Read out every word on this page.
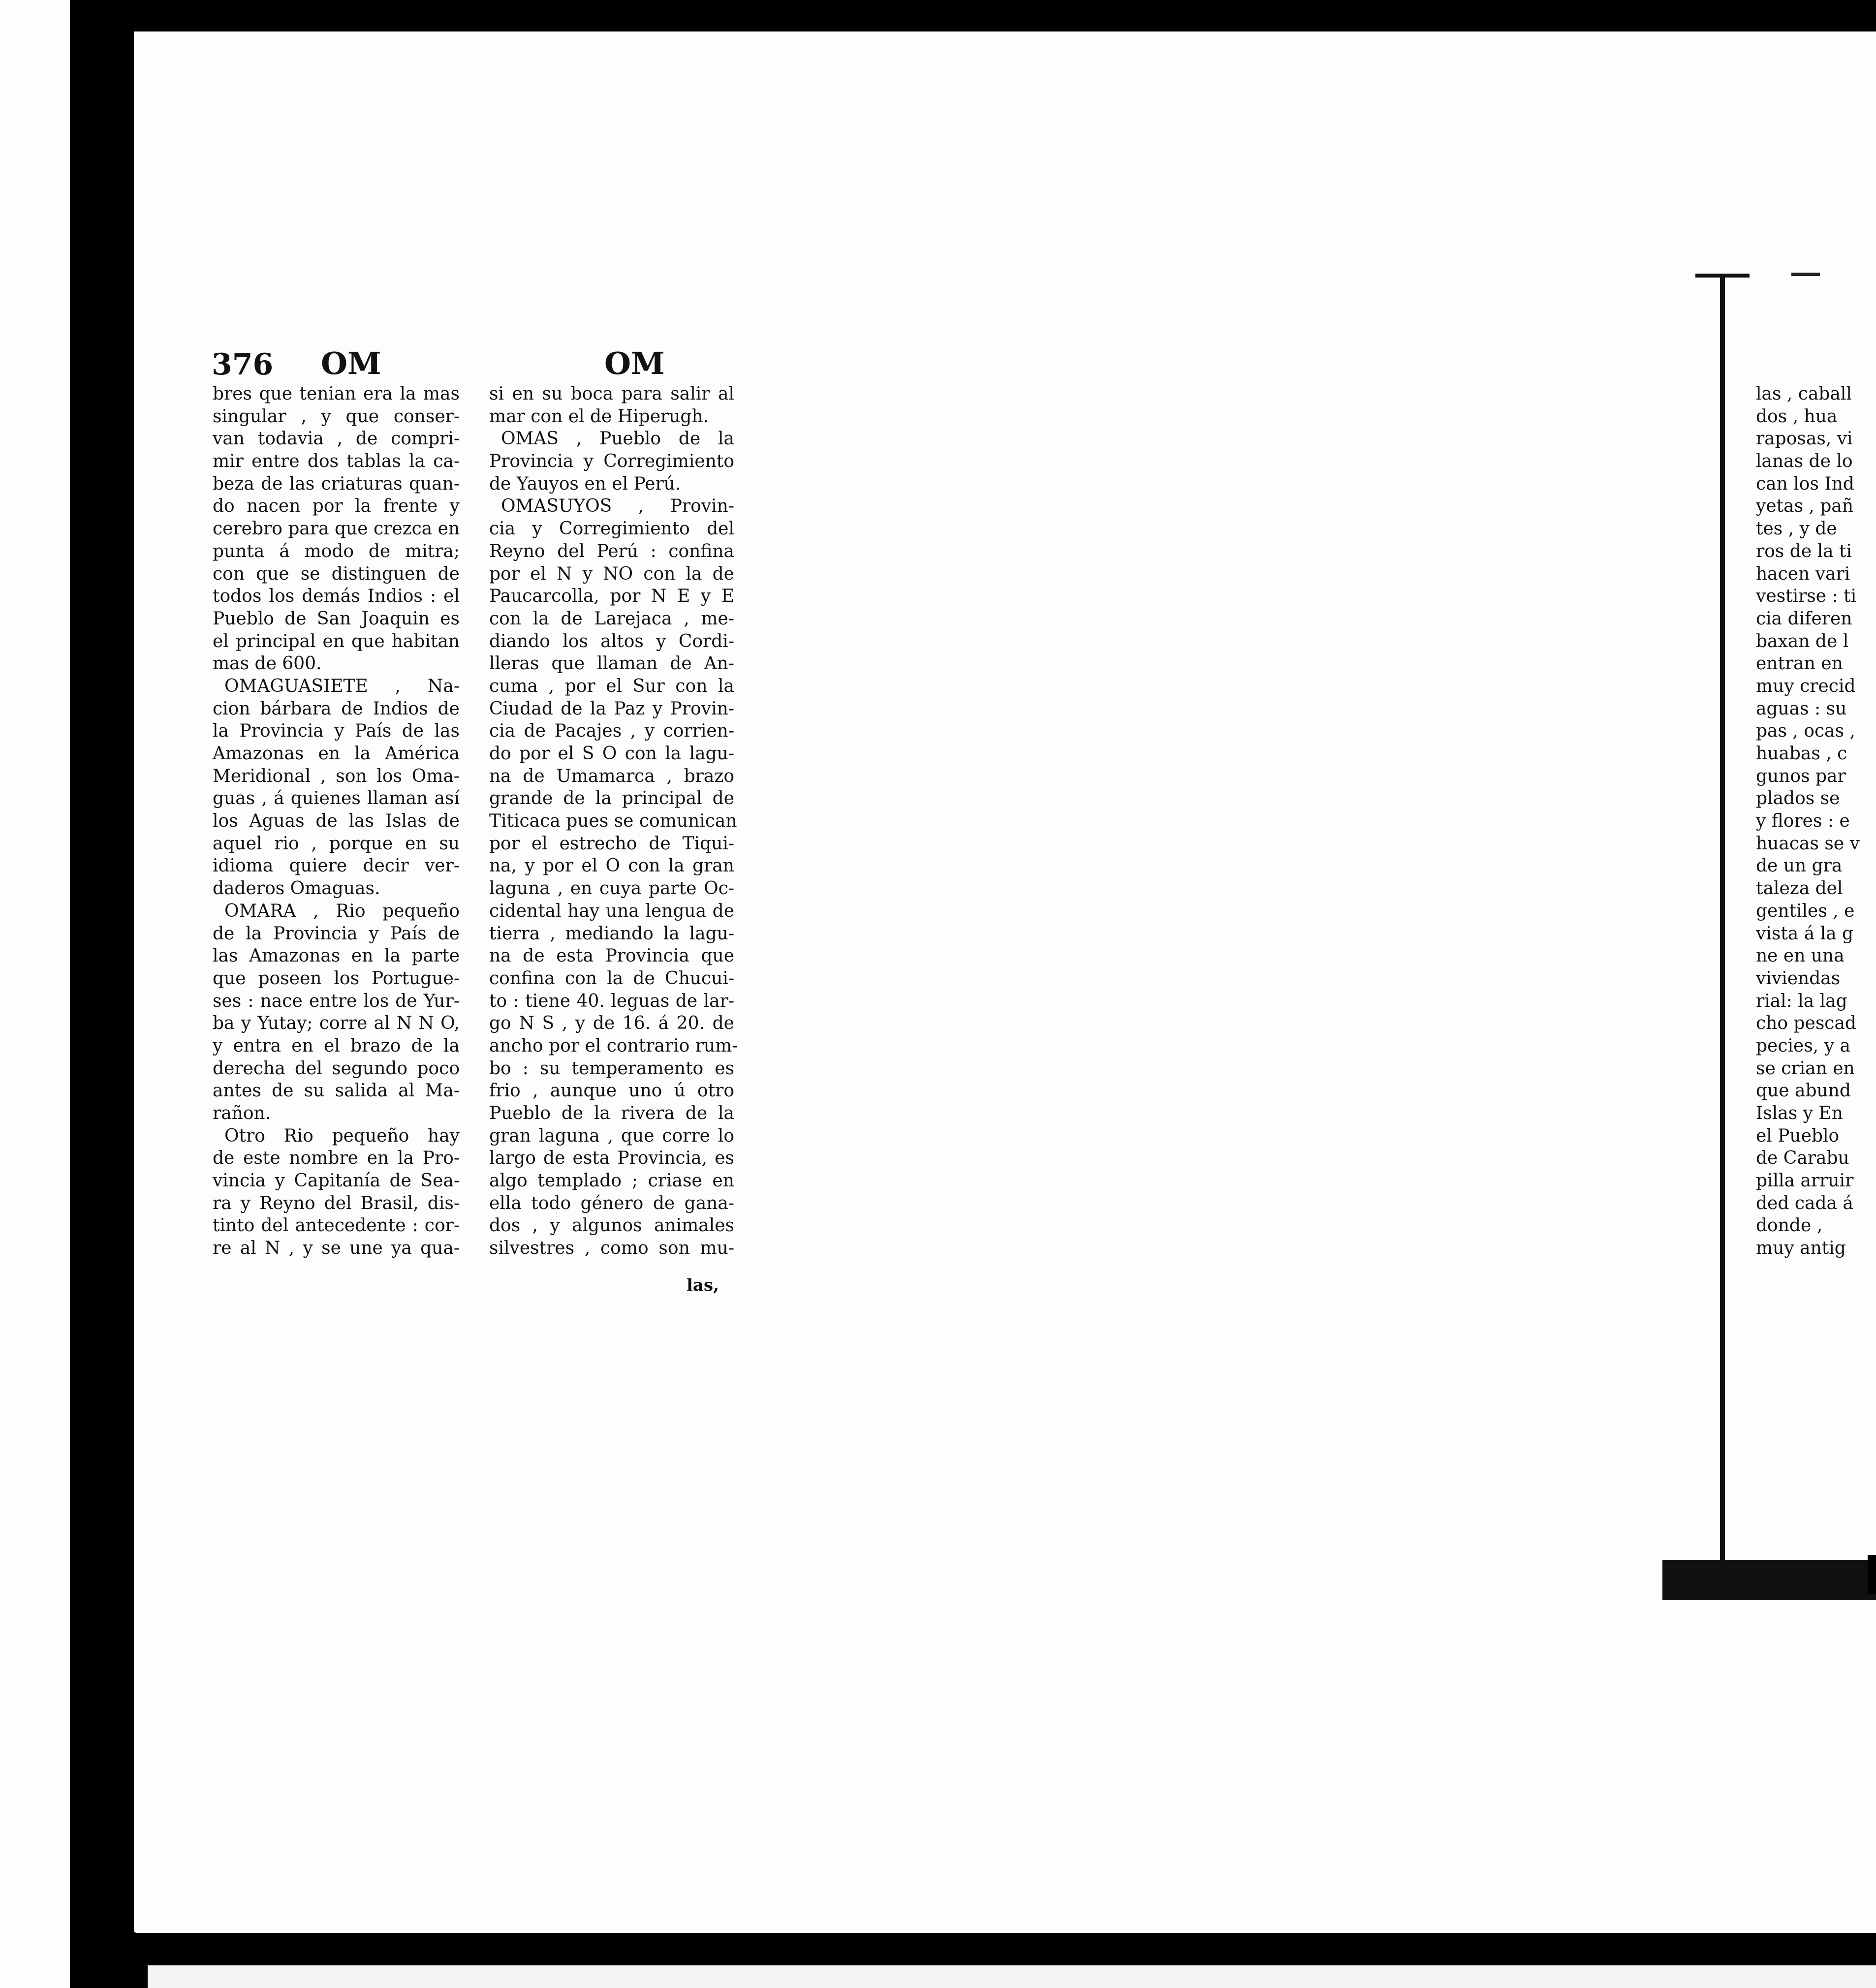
376 OM	OM
bres que tenian era la mas
singular , y que conser-
van todavia , de compri-
mir entre dos tablas la ca-
beza de las criaturas quan-
do nacen por la frente y
cerebro para que crezca en
punta á modo de mitra;
con que se distinguen de
todos los demás Indios : el
Pueblo de San Joaquin es
el principal en que habitan
mas de 600.
OMAGUASIETE , Na-
cion bárbara de Indios de
la Provincia y País de las
Amazonas en la América
Meridional , son los Oma-
guas , á quienes llaman así
los Aguas de las Islas de
aquel rio , porque en su
idioma quiere decir ver-
daderos Omaguas.
OMARA , Rio pequeño
de la Provincia y País de
las Amazonas en la parte
que poseen los Portugue-
ses : nace entre los de Yur-
ba y Yutay; corre al N N O,
y entra en el brazo de la
derecha del segundo poco
antes de su salida al Ma-
rañon.
Otro Rio pequeño hay
de este nombre en la Pro-
vincia y Capitanía de Sea-
ra y Reyno del Brasil, dis-
tinto del antecedente : cor-
re al N , y se une ya qua-
si en su boca para salir al
mar con el de Hiperugh.
OMAS , Pueblo de la
Provincia y Corregimiento
de Yauyos en el Perú.
OMASUYOS , Provin-
cia y Corregimiento del
Reyno del Perú : confina
por el N y NO con la de
Paucarcolla, por N E y E
con la de Larejaca , me-
diando los altos y Cordi-
lleras que llaman de An-
cuma , por el Sur con la
Ciudad de la Paz y Provin-
cia de Pacajes , y corrien-
do por el S O con la lagu-
na de Umamarca , brazo
grande de la principal de
Titicaca pues se comunican
por el estrecho de Tiqui-
na, y por el O con la gran
laguna , en cuya parte Oc-
cidental hay una lengua de
tierra , mediando la lagu-
na de esta Provincia que
confina con la de Chucui-
to : tiene 40. leguas de lar-
go N S , y de 16. á 20. de
ancho por el contrario rum-
bo : su temperamento es
frio , aunque uno ú otro
Pueblo de la rivera de la
gran laguna , que corre lo
largo de esta Provincia, es
algo templado ; criase en
ella todo género de gana-
dos , y algunos animales
silvestres , como son mu-
las,
las , caball
dos , hua
raposas, vi
lanas de lo
can los Ind
yetas , pañ
tes , y de
ros de la ti
hacen vari
vestirse : ti
cia diferen
baxan de l
entran en
muy crecid
aguas : su
pas , ocas ,
huabas , c
gunos par
plados se
y flores : e
huacas se v
de un gra
taleza del
gentiles , e
vista á la g
ne en una
viviendas
rial: la lag
cho pescad
pecies, y a
se crian en
que abund
Islas y En
el Pueblo
de Carabu
pilla arruir
ded cada á
donde ,
muy antig
